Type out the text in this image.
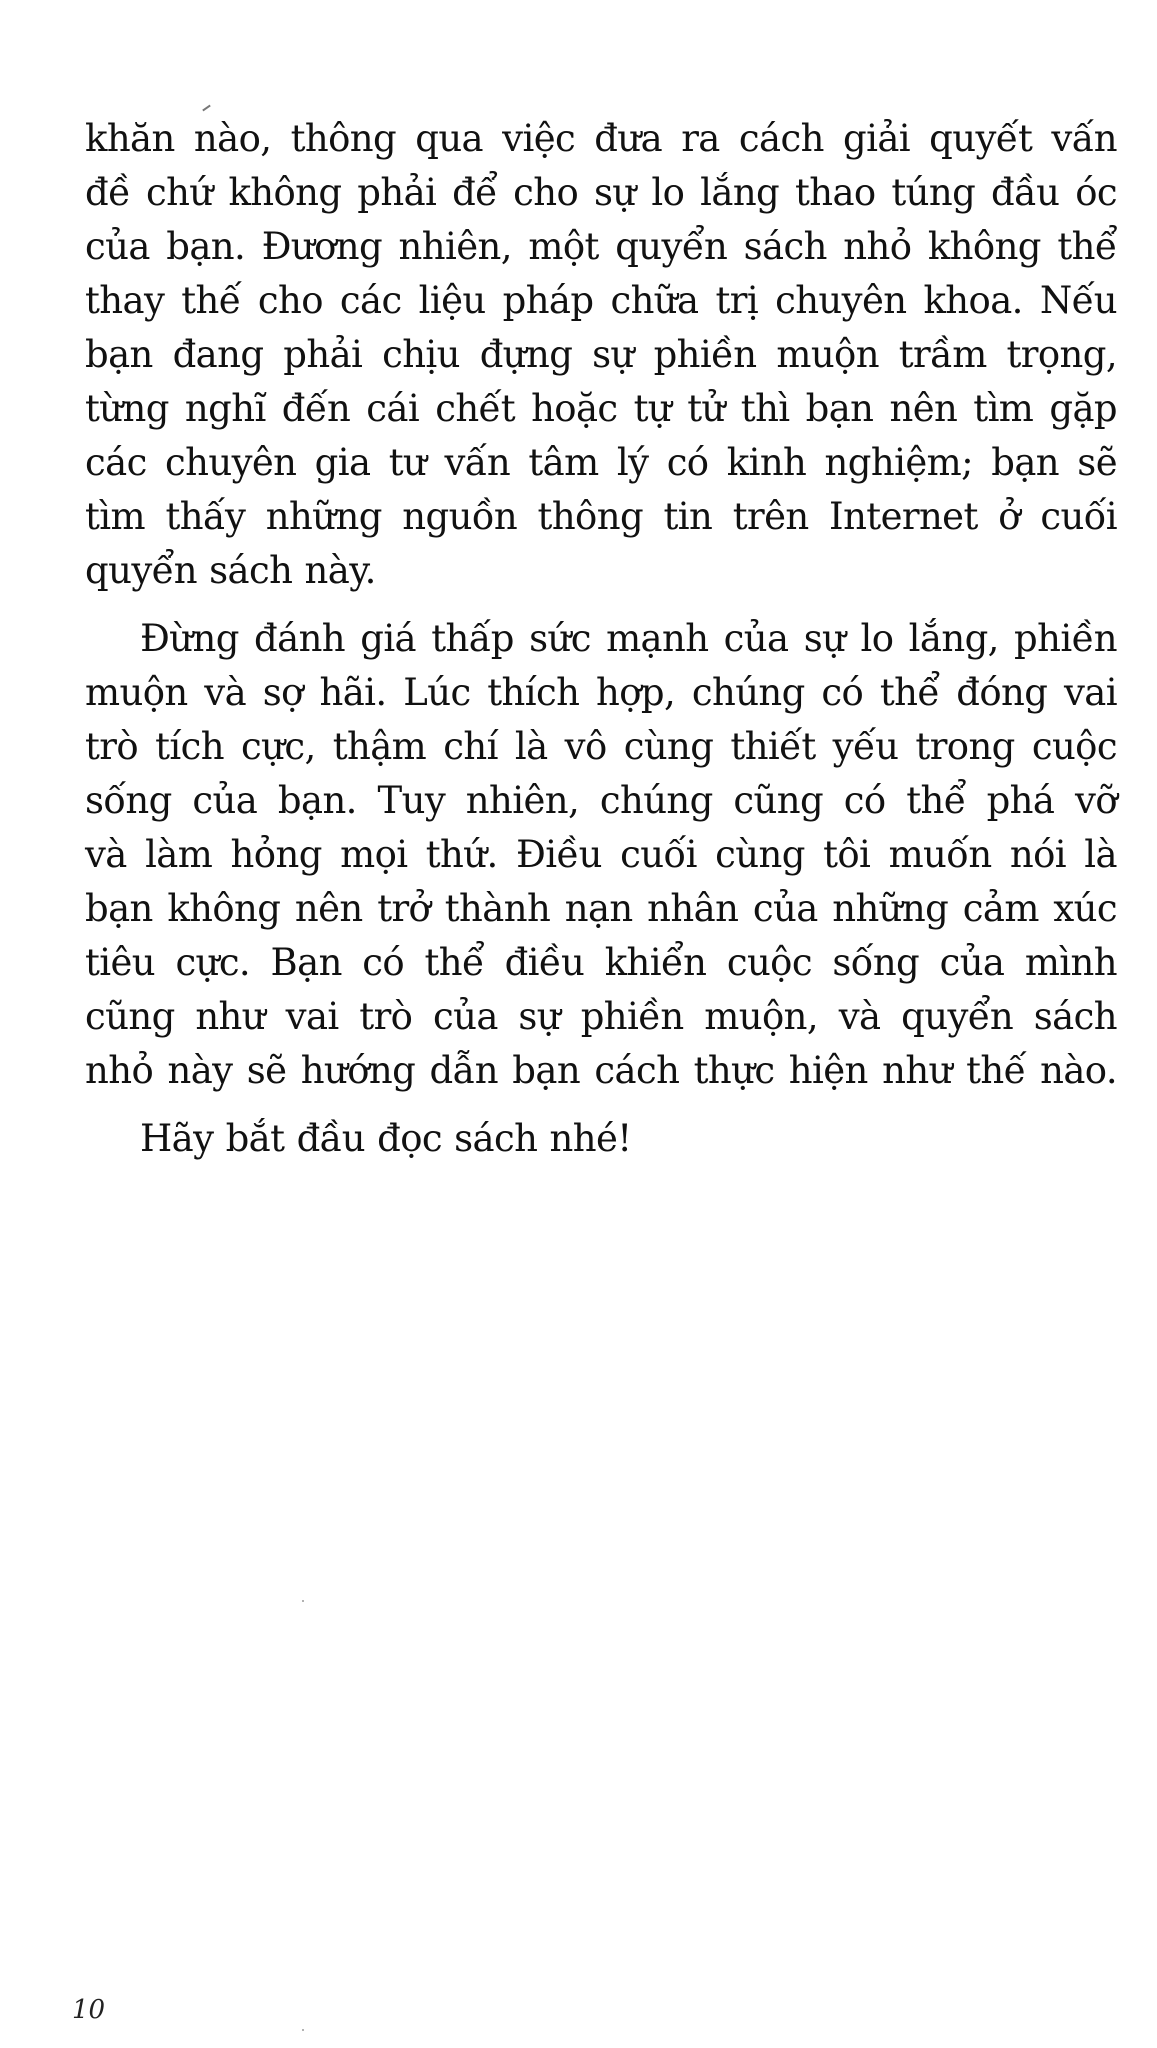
khăn nào, thông qua việc đưa ra cách giải quyết vấn
đề chứ không phải để cho sự lo lắng thao túng đầu óc
của bạn. Đương nhiên, một quyển sách nhỏ không thể
thay thế cho các liệu pháp chữa trị chuyên khoa. Nếu
bạn đang phải chịu đựng sự phiền muộn trầm trọng,
từng nghĩ đến cái chết hoặc tự tử thì bạn nên tìm gặp
các chuyên gia tư vấn tâm lý có kinh nghiệm; bạn sẽ
tìm thấy những nguồn thông tin trên Internet ở cuối
quyển sách này.

Đừng đánh giá thấp sức mạnh của sự lo lắng, phiền
muộn và sợ hãi. Lúc thích hợp, chúng có thể đóng vai
trò tích cực, thậm chí là vô cùng thiết yếu trong cuộc
sống của bạn. Tuy nhiên, chúng cũng có thể phá vỡ
và làm hỏng mọi thứ. Điều cuối cùng tôi muốn nói là
bạn không nên trở thành nạn nhân của những cảm xúc
tiêu cực. Bạn có thể điều khiển cuộc sống của mình
cũng như vai trò của sự phiền muộn, và quyển sách
nhỏ này sẽ hướng dẫn bạn cách thực hiện như thế nào.

Hãy bắt đầu đọc sách nhé!

10
